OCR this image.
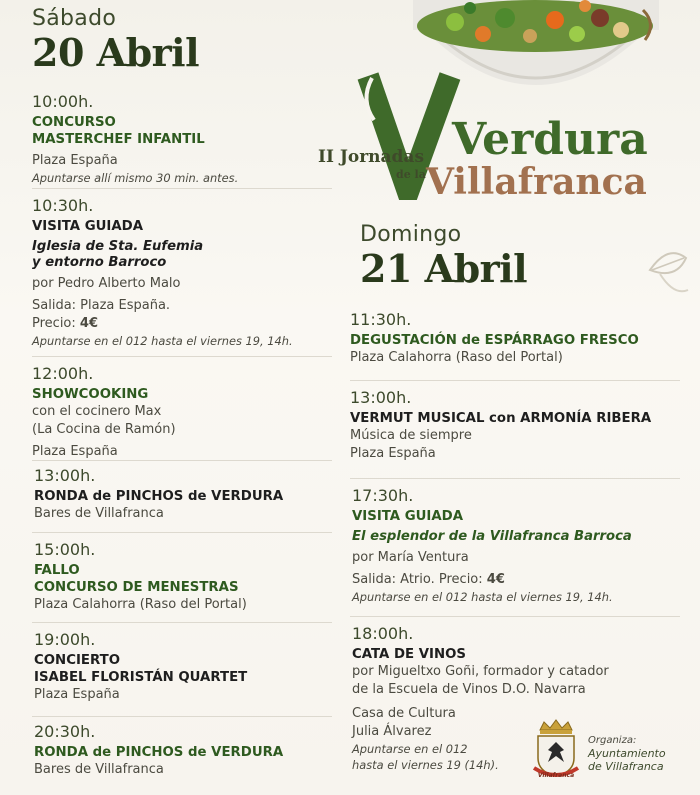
II Jornadas
de la
Verdura
Villafranca
Sábado
20 Abril
10:00h.
CONCURSO
MASTERCHEF INFANTIL
Plaza España
Apuntarse allí mismo 30 min. antes.
10:30h.
VISITA GUIADA
Iglesia de Sta. Eufemia
y entorno Barroco
por Pedro Alberto Malo
Salida: Plaza España.
Precio: 4€
Apuntarse en el 012 hasta el viernes 19, 14h.
12:00h.
SHOWCOOKING
con el cocinero Max
(La Cocina de Ramón)
Plaza España
13:00h.
RONDA de PINCHOS de VERDURA
Bares de Villafranca
15:00h.
FALLO
CONCURSO DE MENESTRAS
Plaza Calahorra (Raso del Portal)
19:00h.
CONCIERTO
ISABEL FLORISTÁN QUARTET
Plaza España
20:30h.
RONDA de PINCHOS de VERDURA
Bares de Villafranca
Domingo
21 Abril
11:30h.
DEGUSTACIÓN de ESPÁRRAGO FRESCO
Plaza Calahorra (Raso del Portal)
13:00h.
VERMUT MUSICAL con ARMONÍA RIBERA
Música de siempre
Plaza España
17:30h.
VISITA GUIADA
El esplendor de la Villafranca Barroca
por María Ventura
Salida: Atrio. Precio: 4€
Apuntarse en el 012 hasta el viernes 19, 14h.
18:00h.
CATA DE VINOS
por Migueltxo Goñi, formador y catador
de la Escuela de Vinos D.O. Navarra
Casa de Cultura
Julia Álvarez
Apuntarse en el 012
hasta el viernes 19 (14h).
Villafranca
Organiza:
Ayuntamiento
de Villafranca
